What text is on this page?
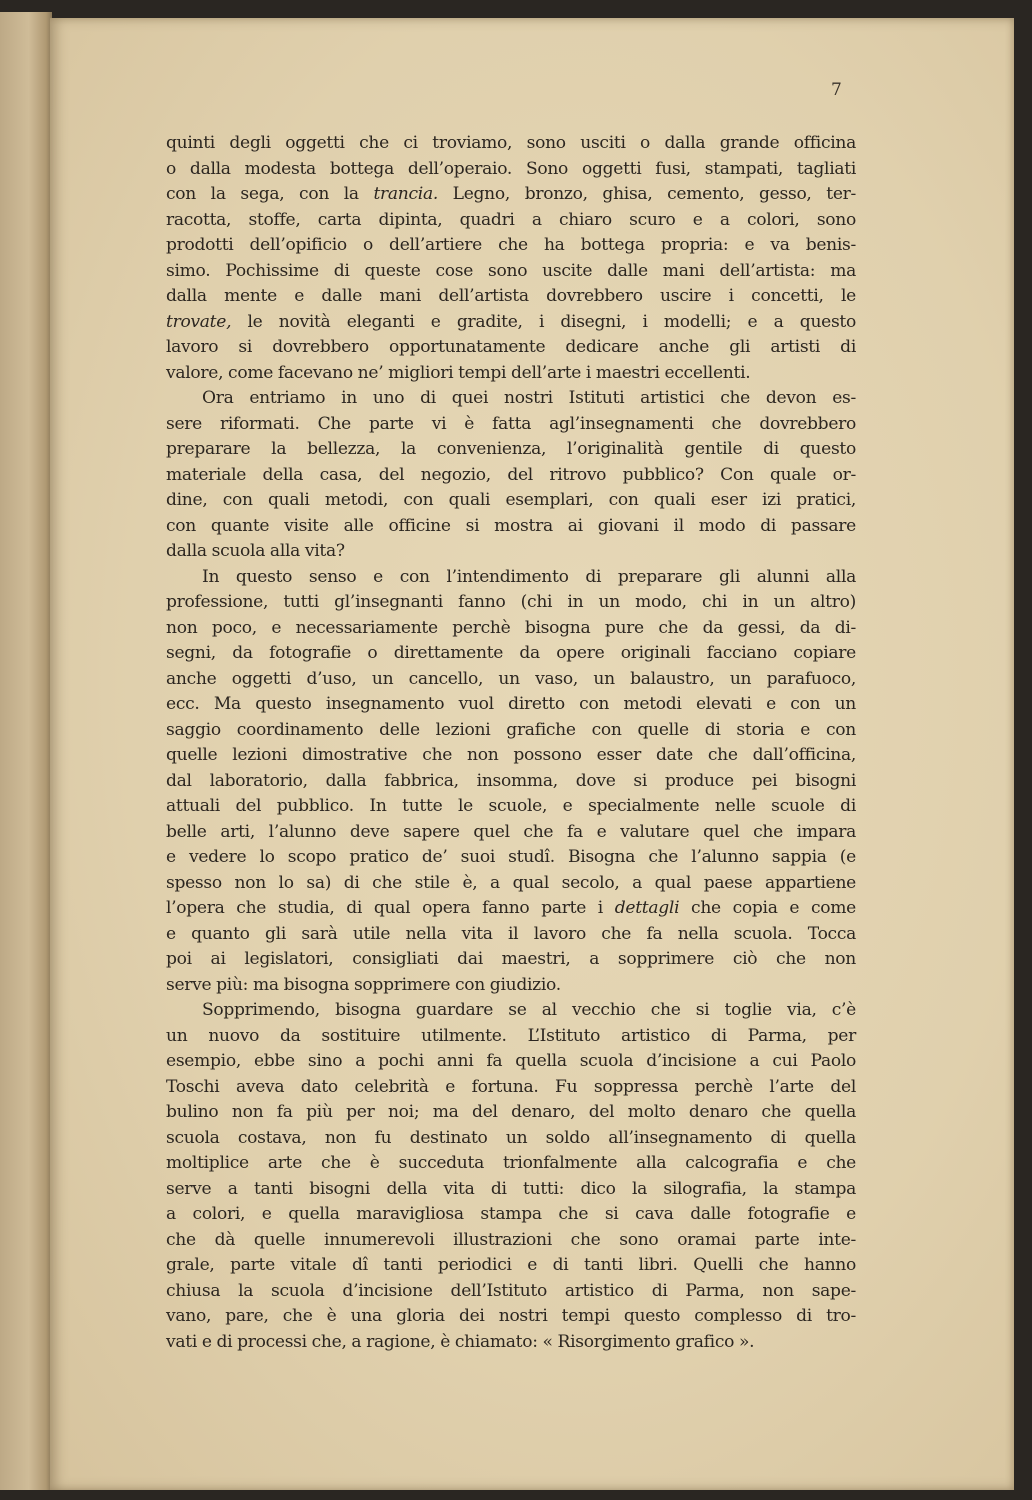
7
quinti degli oggetti che ci troviamo, sono usciti o dalla grande officina
o dalla modesta bottega dell’operaio. Sono oggetti fusi, stampati, tagliati
con la sega, con la trancia. Legno, bronzo, ghisa, cemento, gesso, ter-
racotta, stoffe, carta dipinta, quadri a chiaro scuro e a colori, sono
prodotti dell’opificio o dell’artiere che ha bottega propria: e va benis-
simo. Pochissime di queste cose sono uscite dalle mani dell’artista: ma
dalla mente e dalle mani dell’artista dovrebbero uscire i concetti, le
trovate, le novità eleganti e gradite, i disegni, i modelli; e a questo
lavoro si dovrebbero opportunatamente dedicare anche gli artisti di
valore, come facevano ne’ migliori tempi dell’arte i maestri eccellenti.
Ora entriamo in uno di quei nostri Istituti artistici che devon es-
sere riformati. Che parte vi è fatta agl’insegnamenti che dovrebbero
preparare la bellezza, la convenienza, l’originalità gentile di questo
materiale della casa, del negozio, del ritrovo pubblico? Con quale or-
dine, con quali metodi, con quali esemplari, con quali eser izi pratici,
con quante visite alle officine si mostra ai giovani il modo di passare
dalla scuola alla vita?
In questo senso e con l’intendimento di preparare gli alunni alla
professione, tutti gl’insegnanti fanno (chi in un modo, chi in un altro)
non poco, e necessariamente perchè bisogna pure che da gessi, da di-
segni, da fotografie o direttamente da opere originali facciano copiare
anche oggetti d’uso, un cancello, un vaso, un balaustro, un parafuoco,
ecc. Ma questo insegnamento vuol diretto con metodi elevati e con un
saggio coordinamento delle lezioni grafiche con quelle di storia e con
quelle lezioni dimostrative che non possono esser date che dall’officina,
dal laboratorio, dalla fabbrica, insomma, dove si produce pei bisogni
attuali del pubblico. In tutte le scuole, e specialmente nelle scuole di
belle arti, l’alunno deve sapere quel che fa e valutare quel che impara
e vedere lo scopo pratico de’ suoi studî. Bisogna che l’alunno sappia (e
spesso non lo sa) di che stile è, a qual secolo, a qual paese appartiene
l’opera che studia, di qual opera fanno parte i dettagli che copia e come
e quanto gli sarà utile nella vita il lavoro che fa nella scuola. Tocca
poi ai legislatori, consigliati dai maestri, a sopprimere ciò che non
serve più: ma bisogna sopprimere con giudizio.
Sopprimendo, bisogna guardare se al vecchio che si toglie via, c’è
un nuovo da sostituire utilmente. L’Istituto artistico di Parma, per
esempio, ebbe sino a pochi anni fa quella scuola d’incisione a cui Paolo
Toschi aveva dato celebrità e fortuna. Fu soppressa perchè l’arte del
bulino non fa più per noi; ma del denaro, del molto denaro che quella
scuola costava, non fu destinato un soldo all’insegnamento di quella
moltiplice arte che è succeduta trionfalmente alla calcografia e che
serve a tanti bisogni della vita di tutti: dico la silografia, la stampa
a colori, e quella maravigliosa stampa che si cava dalle fotografie e
che dà quelle innumerevoli illustrazioni che sono oramai parte inte-
grale, parte vitale dî tanti periodici e di tanti libri. Quelli che hanno
chiusa la scuola d’incisione dell’Istituto artistico di Parma, non sape-
vano, pare, che è una gloria dei nostri tempi questo complesso di tro-
vati e di processi che, a ragione, è chiamato: « Risorgimento grafico ».
